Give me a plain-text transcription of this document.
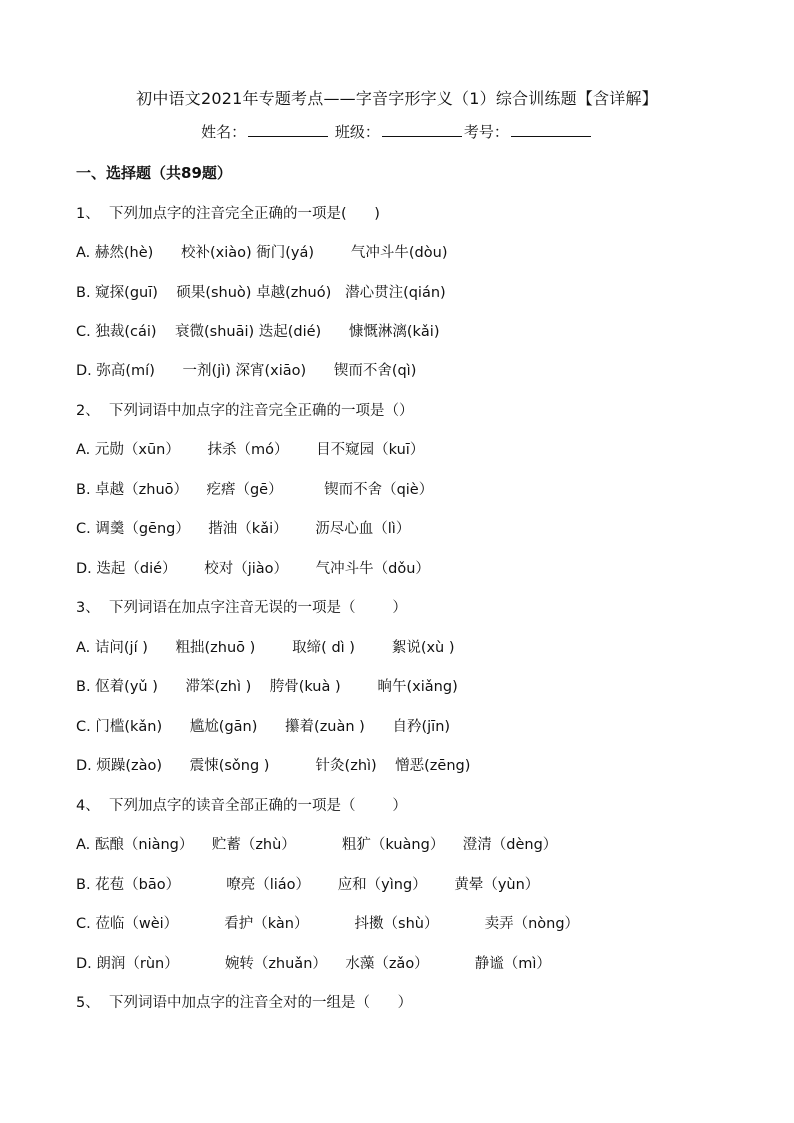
初中语文2021年专题考点——字音字形字义（1）综合训练题【含详解】
姓名：	班级：	考号：
一、选择题（共89题）
1、  下列加点字的注音完全正确的一项是(      )
A. 赫然(hè)      校补(xiào) 衙门(yá)        气冲斗牛(dòu)
B. 窥探(guī)    硕果(shuò) 卓越(zhuó)   潜心贯注(qián)
C. 独裁(cái)    衰微(shuāi) 迭起(dié)      慷慨淋漓(kǎi)
D. 弥高(mí)      一剂(jì) 深宵(xiāo)      锲而不舍(qì)
2、  下列词语中加点字的注音完全正确的一项是（）
A. 元勋（xūn）      抹杀（mó）      目不窥园（kuī）
B. 卓越（zhuō）    疙瘩（gē）         锲而不舍（qiè）
C. 调羹（gēng）    揩油（kǎi）      沥尽心血（lì）
D. 迭起（dié）      校对（jiào）      气冲斗牛（dǒu）
3、  下列词语在加点字注音无误的一项是（        ）
A. 诘问(jí )      粗拙(zhuō )        取缔( dì )        絮说(xù )
B. 伛着(yǔ )      滞笨(zhì )    胯骨(kuà )        晌午(xiǎng)
C. 门槛(kǎn)      尴尬(gān)      攥着(zuàn )      自矜(jīn)
D. 烦躁(zào)      震悚(sǒng )          针灸(zhì)    憎恶(zēng)
4、  下列加点字的读音全部正确的一项是（        ）
A. 酝酿（niàng）    贮蓄（zhù）          粗犷（kuàng）    澄清（dèng）
B. 花苞（bāo）          嘹亮（liáo）      应和（yìng）      黄晕（yùn）
C. 莅临（wèi）          看护（kàn）          抖擞（shù）          卖弄（nòng）
D. 朗润（rùn）          婉转（zhuǎn）    水藻（zǎo）          静谧（mì）
5、  下列词语中加点字的注音全对的一组是（      ）
